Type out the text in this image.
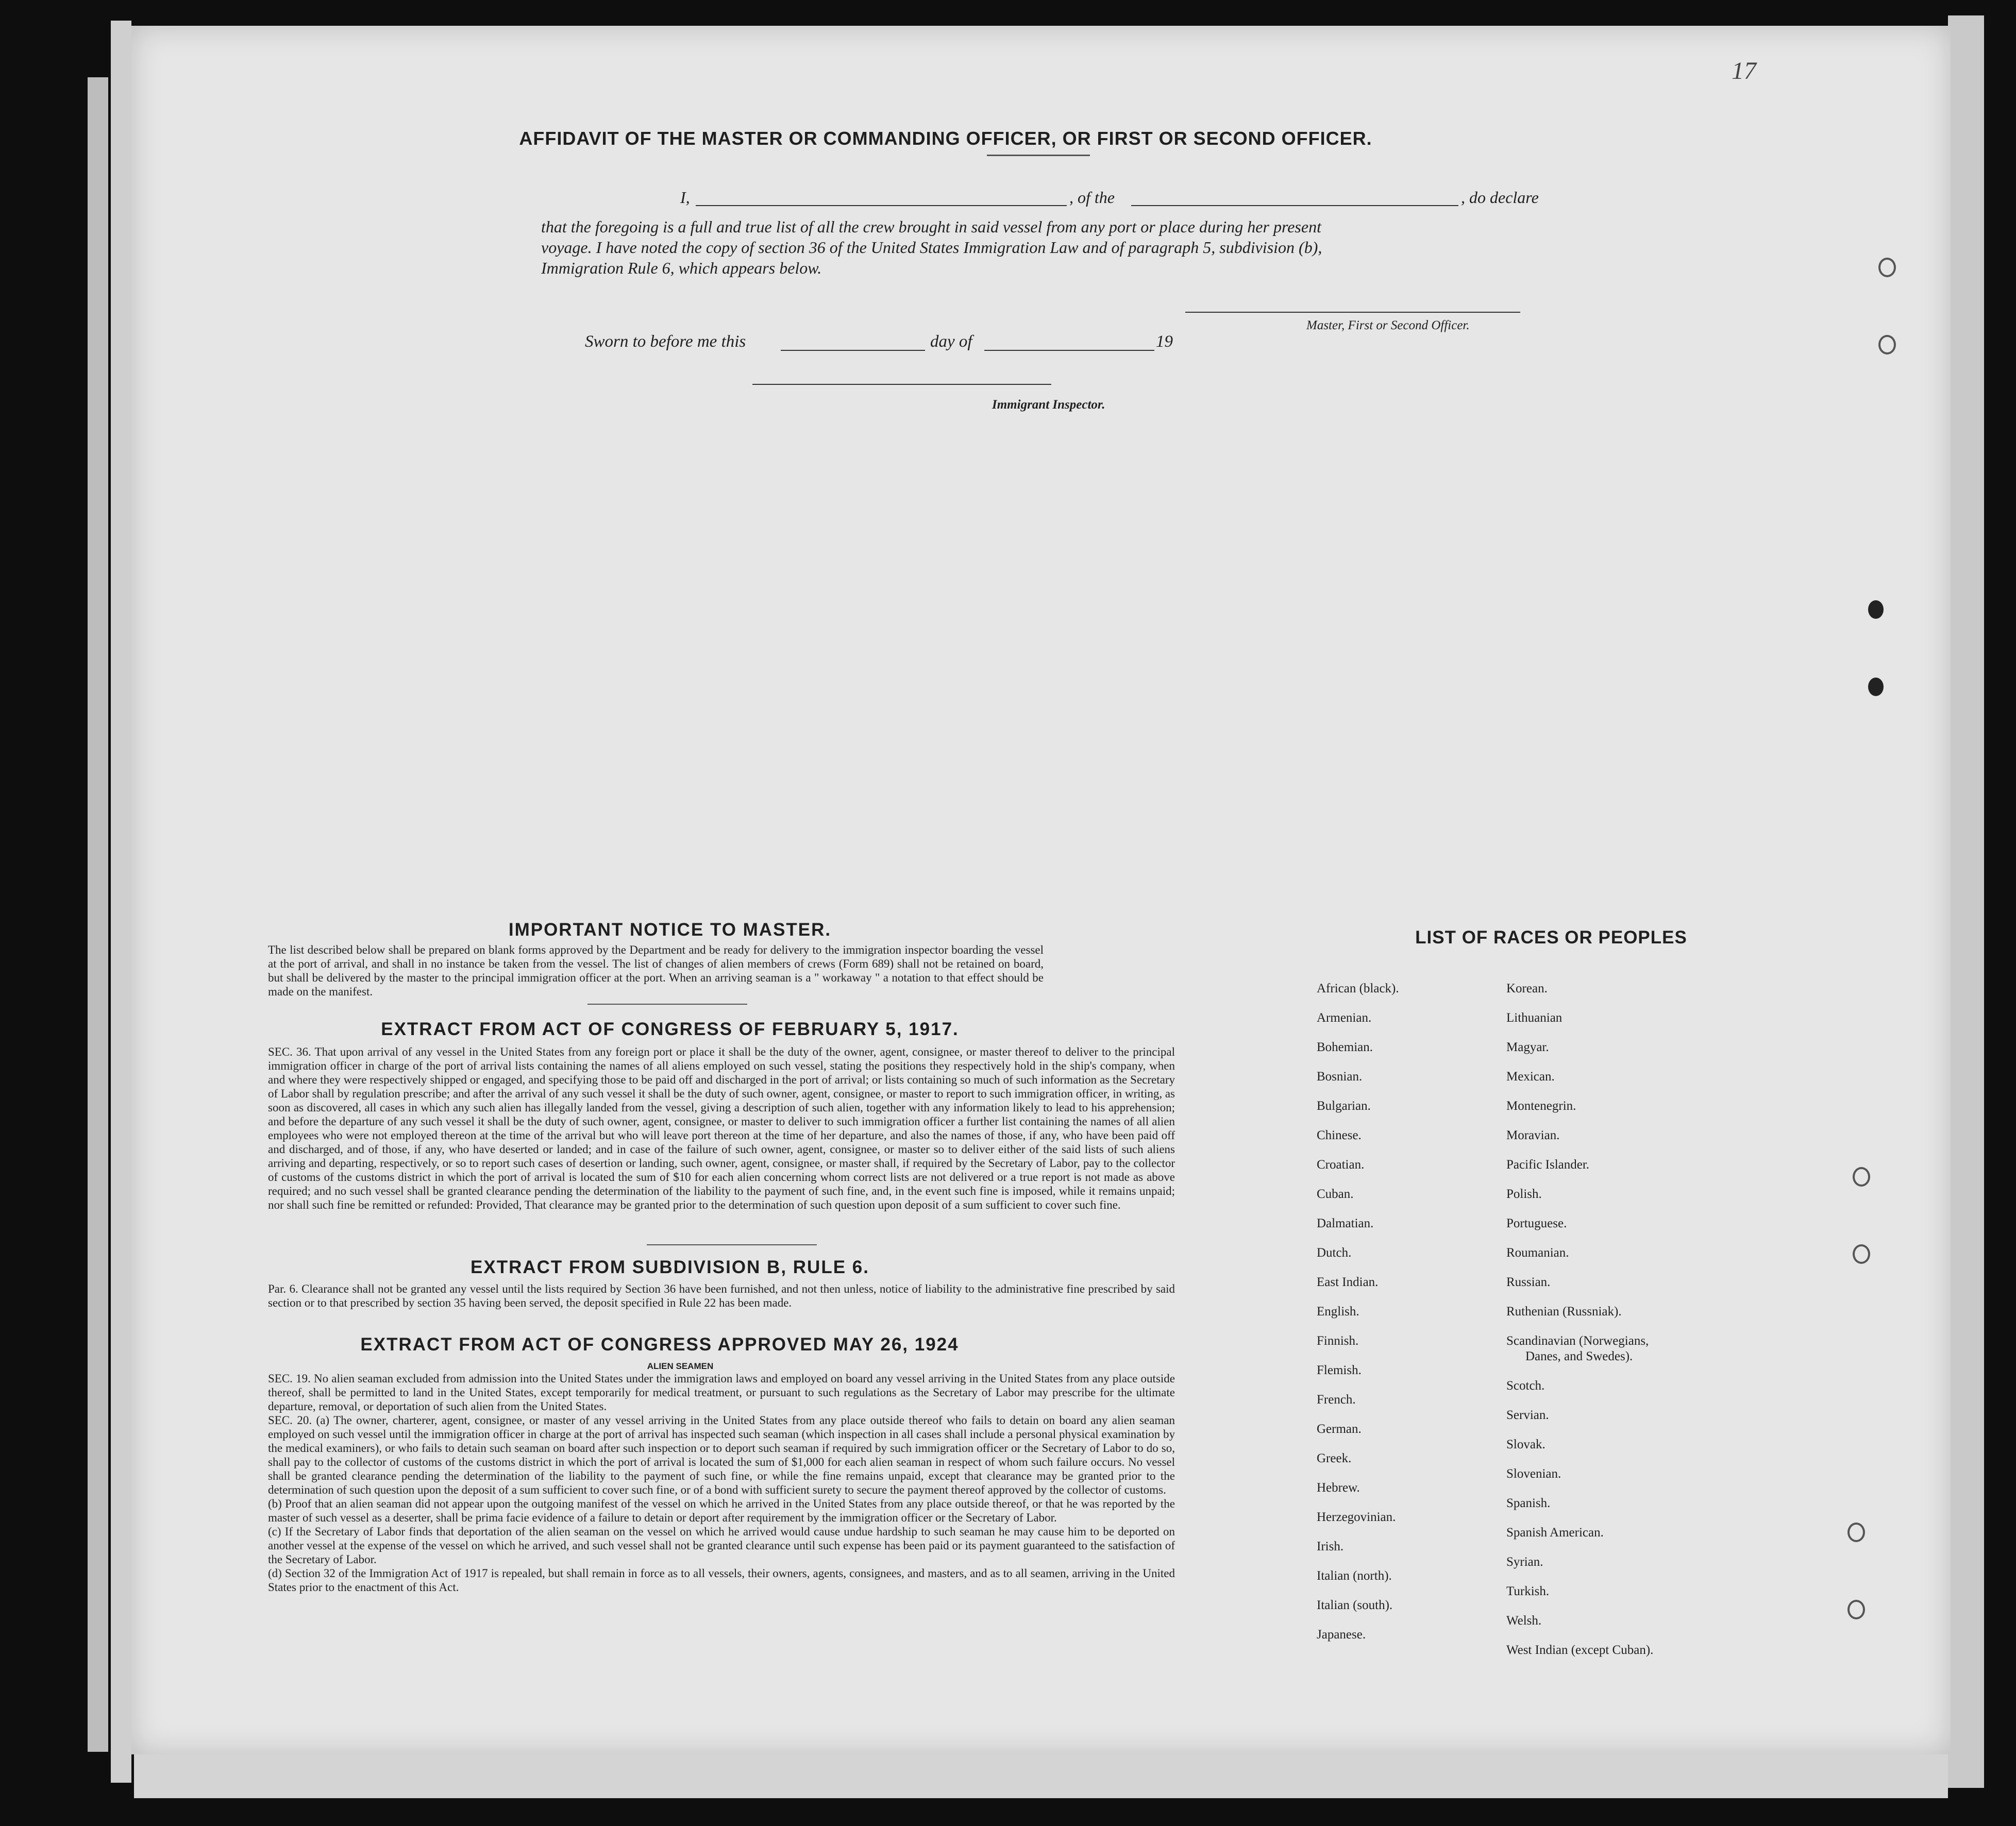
17
AFFIDAVIT OF THE MASTER OR COMMANDING OFFICER, OR FIRST OR SECOND OFFICER.
I,	, of the	, do declare
that the foregoing is a full and true list of all the crew brought in said vessel from any port or place during her present
voyage. I have noted the copy of section 36 of the United States Immigration Law and of paragraph 5, subdivision (b),
Immigration Rule 6, which appears below.
Master, First or Second Officer.
Sworn to before me this	day of	19
Immigrant Inspector.
IMPORTANT NOTICE TO MASTER.
The list described below shall be prepared on blank forms approved by the Department and be ready for delivery to the immigration inspector boarding the vessel at the port of arrival, and shall in no instance be taken from the vessel. The list of changes of alien members of crews (Form 689) shall not be retained on board, but shall be delivered by the master to the principal immigration officer at the port. When an arriving seaman is a " workaway " a notation to that effect should be made on the manifest.
EXTRACT FROM ACT OF CONGRESS OF FEBRUARY 5, 1917.
SEC. 36. That upon arrival of any vessel in the United States from any foreign port or place it shall be the duty of the owner, agent, consignee, or master thereof to deliver to the principal immigration officer in charge of the port of arrival lists containing the names of all aliens employed on such vessel, stating the positions they respectively hold in the ship's company, when and where they were respectively shipped or engaged, and specifying those to be paid off and discharged in the port of arrival; or lists containing so much of such information as the Secretary of Labor shall by regulation prescribe; and after the arrival of any such vessel it shall be the duty of such owner, agent, consignee, or master to report to such immigration officer, in writing, as soon as discovered, all cases in which any such alien has illegally landed from the vessel, giving a description of such alien, together with any information likely to lead to his apprehension; and before the departure of any such vessel it shall be the duty of such owner, agent, consignee, or master to deliver to such immigration officer a further list containing the names of all alien employees who were not employed thereon at the time of the arrival but who will leave port thereon at the time of her departure, and also the names of those, if any, who have been paid off and discharged, and of those, if any, who have deserted or landed; and in case of the failure of such owner, agent, consignee, or master so to deliver either of the said lists of such aliens arriving and departing, respectively, or so to report such cases of desertion or landing, such owner, agent, consignee, or master shall, if required by the Secretary of Labor, pay to the collector of customs of the customs district in which the port of arrival is located the sum of $10 for each alien concerning whom correct lists are not delivered or a true report is not made as above required; and no such vessel shall be granted clearance pending the determination of the liability to the payment of such fine, and, in the event such fine is imposed, while it remains unpaid; nor shall such fine be remitted or refunded: Provided, That clearance may be granted prior to the determination of such question upon deposit of a sum sufficient to cover such fine.
EXTRACT FROM SUBDIVISION B, RULE 6.
Par. 6. Clearance shall not be granted any vessel until the lists required by Section 36 have been furnished, and not then unless, notice of liability to the administrative fine prescribed by said section or to that prescribed by section 35 having been served, the deposit specified in Rule 22 has been made.
EXTRACT FROM ACT OF CONGRESS APPROVED MAY 26, 1924
ALIEN SEAMEN
SEC. 19. No alien seaman excluded from admission into the United States under the immigration laws and employed on board any vessel arriving in the United States from any place outside thereof, shall be permitted to land in the United States, except temporarily for medical treatment, or pursuant to such regulations as the Secretary of Labor may prescribe for the ultimate departure, removal, or deportation of such alien from the United States.
SEC. 20. (a) The owner, charterer, agent, consignee, or master of any vessel arriving in the United States from any place outside thereof who fails to detain on board any alien seaman employed on such vessel until the immigration officer in charge at the port of arrival has inspected such seaman (which inspection in all cases shall include a personal physical examination by the medical examiners), or who fails to detain such seaman on board after such inspection or to deport such seaman if required by such immigration officer or the Secretary of Labor to do so, shall pay to the collector of customs of the customs district in which the port of arrival is located the sum of $1,000 for each alien seaman in respect of whom such failure occurs. No vessel shall be granted clearance pending the determination of the liability to the payment of such fine, or while the fine remains unpaid, except that clearance may be granted prior to the determination of such question upon the deposit of a sum sufficient to cover such fine, or of a bond with sufficient surety to secure the payment thereof approved by the collector of customs.
(b) Proof that an alien seaman did not appear upon the outgoing manifest of the vessel on which he arrived in the United States from any place outside thereof, or that he was reported by the master of such vessel as a deserter, shall be prima facie evidence of a failure to detain or deport after requirement by the immigration officer or the Secretary of Labor.
(c) If the Secretary of Labor finds that deportation of the alien seaman on the vessel on which he arrived would cause undue hardship to such seaman he may cause him to be deported on another vessel at the expense of the vessel on which he arrived, and such vessel shall not be granted clearance until such expense has been paid or its payment guaranteed to the satisfaction of the Secretary of Labor.
(d) Section 32 of the Immigration Act of 1917 is repealed, but shall remain in force as to all vessels, their owners, agents, consignees, and masters, and as to all seamen, arriving in the United States prior to the enactment of this Act.
LIST OF RACES OR PEOPLES
African (black).
Armenian.
Bohemian.
Bosnian.
Bulgarian.
Chinese.
Croatian.
Cuban.
Dalmatian.
Dutch.
East Indian.
English.
Finnish.
Flemish.
French.
German.
Greek.
Hebrew.
Herzegovinian.
Irish.
Italian (north).
Italian (south).
Japanese.
Korean.
Lithuanian
Magyar.
Mexican.
Montenegrin.
Moravian.
Pacific Islander.
Polish.
Portuguese.
Roumanian.
Russian.
Ruthenian (Russniak).
Scandinavian (Norwegians,
Danes, and Swedes).
Scotch.
Servian.
Slovak.
Slovenian.
Spanish.
Spanish American.
Syrian.
Turkish.
Welsh.
West Indian (except Cuban).
